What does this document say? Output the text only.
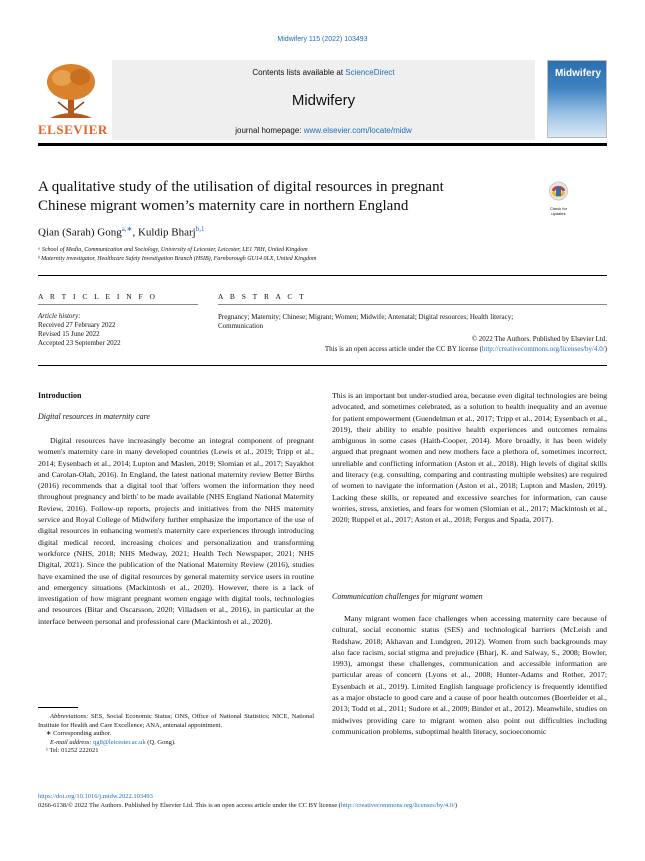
Midwifery 115 (2022) 103493
ELSEVIER
Contents lists available at ScienceDirect
Midwifery
journal homepage: www.elsevier.com/locate/midw
Midwifery
A qualitative study of the utilisation of digital resources in pregnant
Chinese migrant women’s maternity care in northern England	Check for
updates
Qian (Sarah) Gong$^{a,∗}$, Kuldip Bharj$^{b,1}$
ᵃ School of Media, Communication and Sociology, University of Leicester, Leicester, LE1 7RH, United Kingdom
ᵇ Maternity investigator, Healthcare Safety Investigation Branch (HSIB), Farnborough GU14 0LX, United Kingdom
A R T I C L E I N F O
Article history:
Received 27 February 2022
Revised 15 June 2022
Accepted 23 September 2022
A B S T R A C T
Pregnancy; Maternity; Chinese; Migrant; Women; Midwife; Antenatal; Digital resources; Health literacy;
Communication
© 2022 The Authors. Published by Elsevier Ltd.
This is an open access article under the CC BY license (http://creativecommons.org/licenses/by/4.0/)
Introduction
Digital resources in maternity care

Digital resources have increasingly become an integral component of pregnant women's maternity care in many developed countries (Lewis et al., 2019; Tripp et al., 2014; Eysenbach et al., 2014; Lupton and Maslen, 2019; Slomian et al., 2017; Sayakhot and Carolan-Olah, 2016). In England, the latest national maternity review Better Births (2016) recommends that a digital tool that 'offers women the information they need throughout pregnancy and birth' to be made available (NHS England National Maternity Review, 2016). Follow-up reports, projects and initiatives from the NHS maternity service and Royal College of Midwifery further emphasize the importance of the use of digital resources in enhancing women's maternity care experiences through introducing digital medical record, increasing choices and personalization and transforming workforce (NHS, 2018; NHS Medway, 2021; Health Tech Newspaper, 2021; NHS Digital, 2021). Since the publication of the National Maternity Review (2016), studies have examined the use of digital resources by general maternity service users in routine and emergency situations (Mackintosh et al., 2020). However, there is a lack of investigation of how migrant pregnant women engage with digital tools, technologies and resources (Bitar and Oscarsson, 2020; Villadsen et al., 2016), in particular at the interface between personal and professional care (Mackintosh et al., 2020).

Abbreviations: SES, Social Economic Status; ONS, Office of National Statistics; NICE, National Institute for Health and Care Excellence; ANA, antenatal appointment.
∗ Corresponding author.
E-mail address: qg8@leicester.ac.uk (Q. Gong).
¹ Tel: 01252 222021
This is an important but under-studied area, because even digital technologies are being advocated, and sometimes celebrated, as a solution to health inequality and an avenue for patient empowerment (Guendelman et al., 2017; Tripp et al., 2014; Eysenbach et al., 2019), their ability to enable positive health experiences and outcomes remains ambiguous in some cases (Haith-Cooper, 2014). More broadly, it has been widely argued that pregnant women and new mothers face a plethora of, sometimes incorrect, unreliable and conflicting information (Aston et al., 2018). High levels of digital skills and literacy (e.g. consulting, comparing and contrasting multiple websites) are required of women to navigate the information (Aston et al., 2018; Lupton and Maslen, 2019). Lacking these skills, or repeated and excessive searches for information, can cause worries, stress, anxieties, and fears for women (Slomian et al., 2017; Mackintosh et al., 2020; Ruppel et al., 2017; Aston et al., 2018; Fergus and Spada, 2017).
Communication challenges for migrant women

Many migrant women face challenges when accessing maternity care because of cultural, social economic status (SES) and technological barriers (McLeish and Redshaw, 2018; Akhavan and Lundgren, 2012). Women from such backgrounds may also face racism, social stigma and prejudice (Bharj, K. and Salway, S., 2008; Bowler, 1993), amongst these challenges, communication and accessible information are particular areas of concern (Lyons et al., 2008; Hunter-Adams and Rother, 2017; Eysenbach et al., 2019). Limited English language proficiency is frequently identified as a major obstacle to good care and a cause of poor health outcomes (Boerleider et al., 2013; Todd et al., 2011; Sudore et al., 2009; Binder et al., 2012). Meanwhile, studies on midwives providing care to migrant women also point out difficulties including communication problems, suboptimal health literacy, socioeconomic

https://doi.org/10.1016/j.midw.2022.103493
0266-6138/© 2022 The Authors. Published by Elsevier Ltd. This is an open access article under the CC BY license (http://creativecommons.org/licenses/by/4.0/)
